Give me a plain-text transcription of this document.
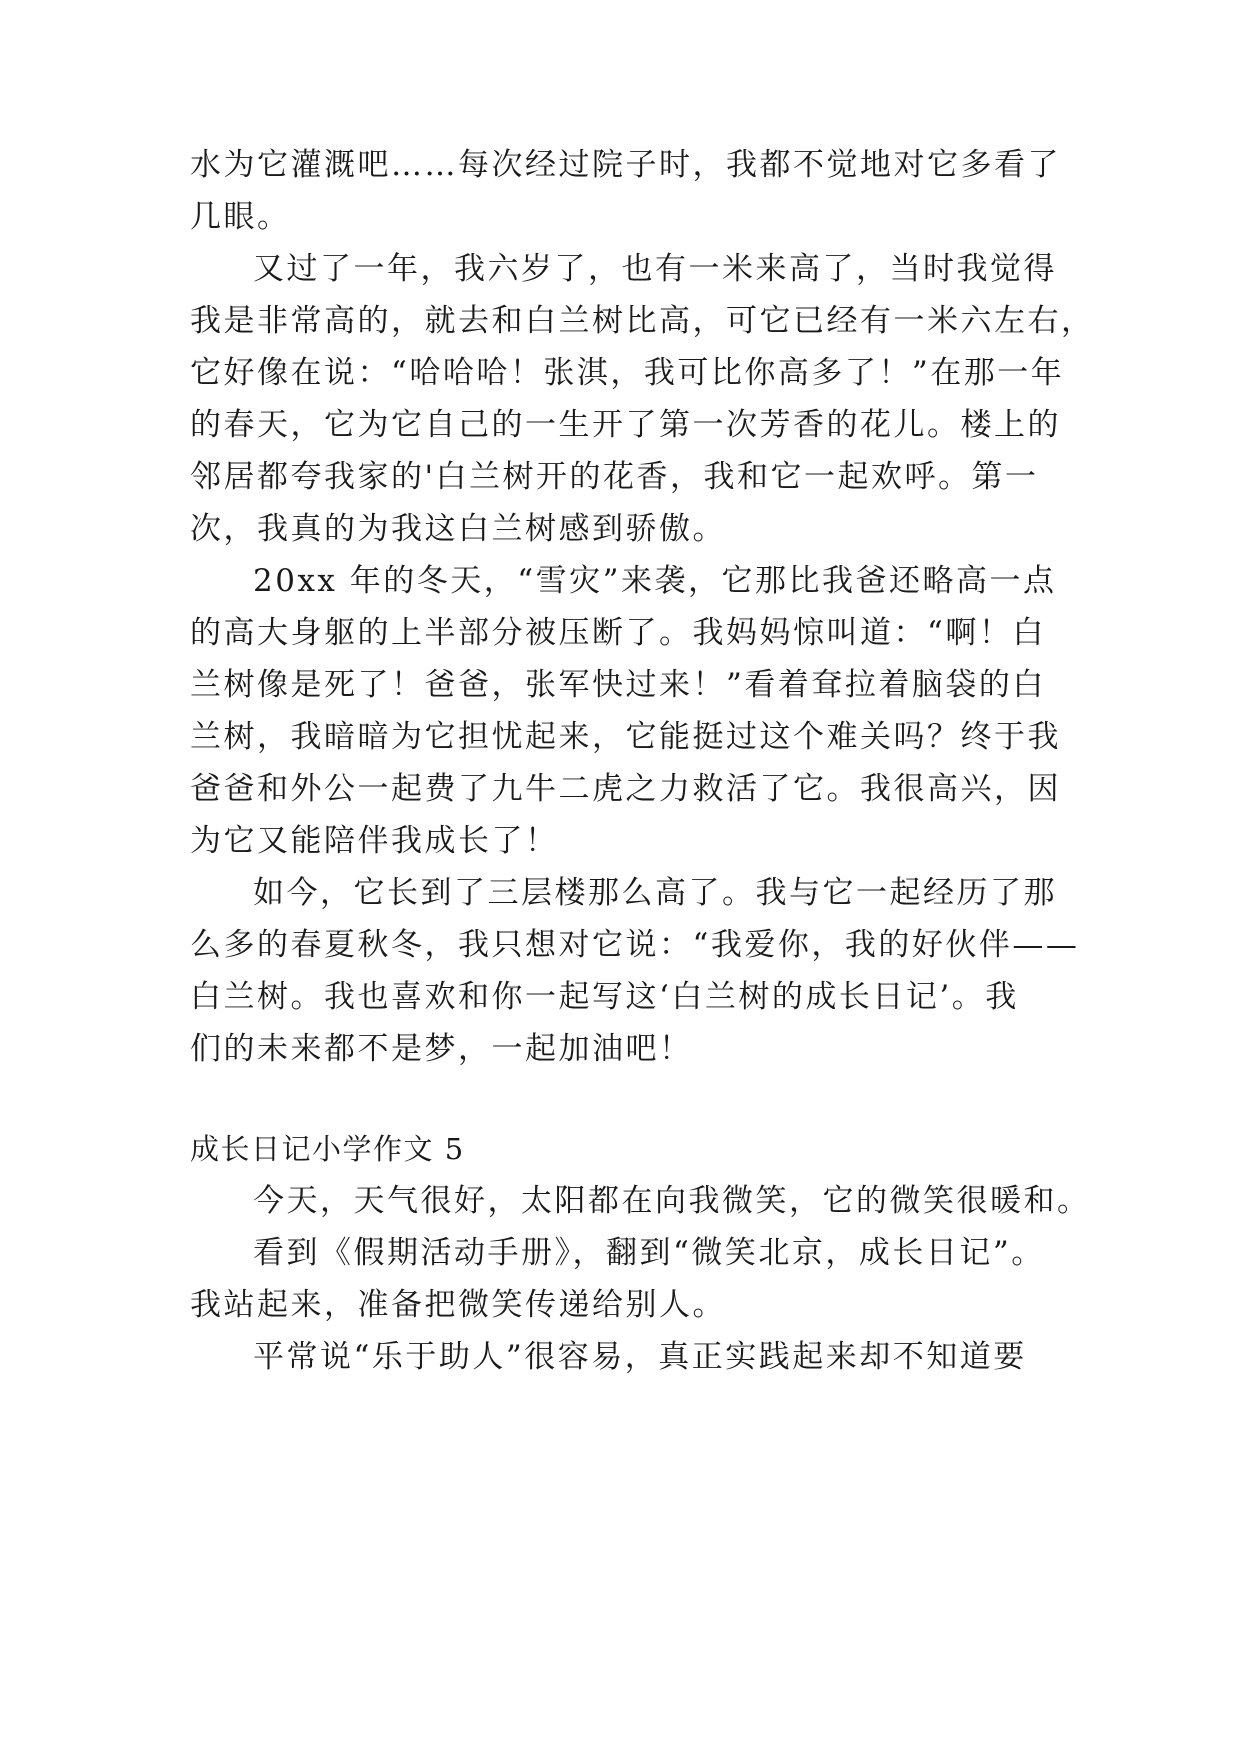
水为它灌溉吧……每次经过院子时，我都不觉地对它多看了
几眼。
又过了一年，我六岁了，也有一米来高了，当时我觉得
我是非常高的，就去和白兰树比高，可它已经有一米六左右，
它好像在说：“哈哈哈！张淇，我可比你高多了！”在那一年
的春天，它为它自己的一生开了第一次芳香的花儿。楼上的
邻居都夸我家的'白兰树开的花香，我和它一起欢呼。第一
次，我真的为我这白兰树感到骄傲。
20xx 年的冬天，“雪灾”来袭，它那比我爸还略高一点
的高大身躯的上半部分被压断了。我妈妈惊叫道：“啊！白
兰树像是死了！爸爸，张军快过来！”看着耷拉着脑袋的白
兰树，我暗暗为它担忧起来，它能挺过这个难关吗？终于我
爸爸和外公一起费了九牛二虎之力救活了它。我很高兴，因
为它又能陪伴我成长了！
如今，它长到了三层楼那么高了。我与它一起经历了那
么多的春夏秋冬，我只想对它说：“我爱你，我的好伙伴——
白兰树。我也喜欢和你一起写这‘白兰树的成长日记’。我
们的未来都不是梦，一起加油吧！
成长日记小学作文 5
今天，天气很好，太阳都在向我微笑，它的微笑很暖和。
看到《假期活动手册》，翻到“微笑北京，成长日记”。
我站起来，准备把微笑传递给别人。
平常说“乐于助人”很容易，真正实践起来却不知道要
